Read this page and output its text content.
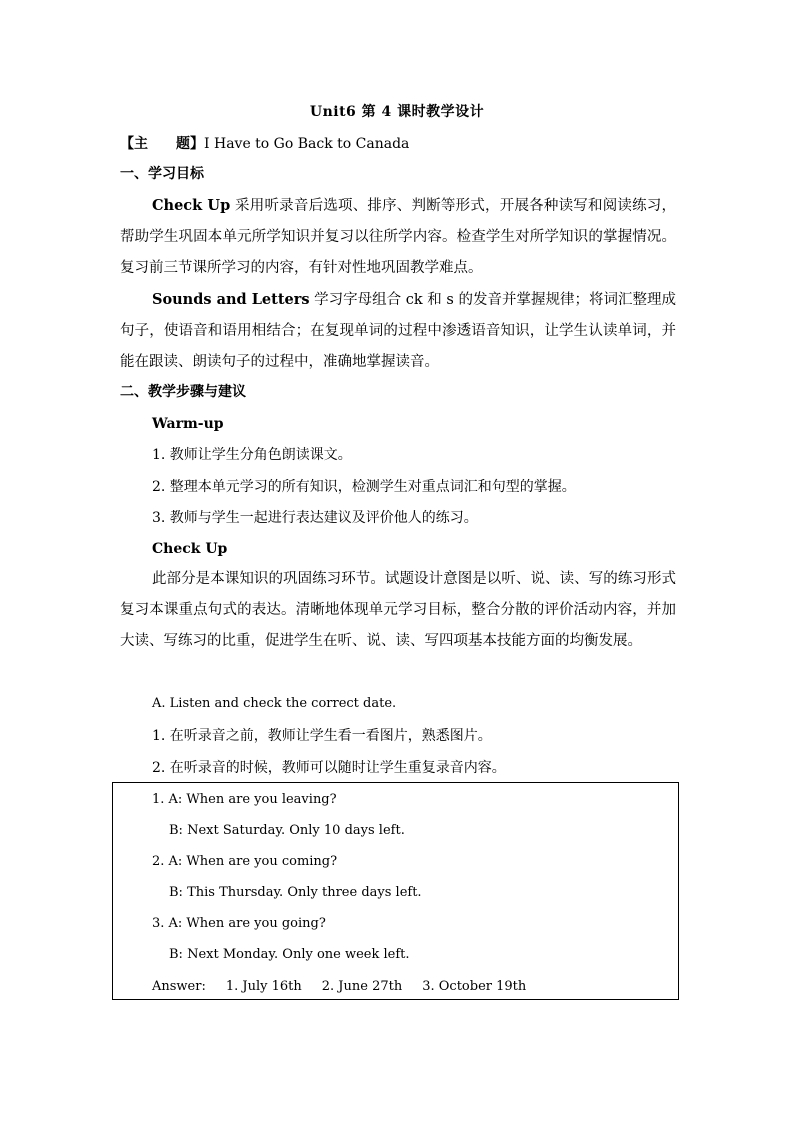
Unit6 第 4 课时教学设计
【主　　题】I Have to Go Back to Canada
一、学习目标
Check Up 采用听录音后选项、排序、判断等形式，开展各种读写和阅读练习，帮助学生巩固本单元所学知识并复习以往所学内容。检查学生对所学知识的掌握情况。复习前三节课所学习的内容，有针对性地巩固教学难点。
Sounds and Letters 学习字母组合 ck 和 s 的发音并掌握规律；将词汇整理成句子，使语音和语用相结合；在复现单词的过程中渗透语音知识，让学生认读单词，并能在跟读、朗读句子的过程中，准确地掌握读音。
二、教学步骤与建议
Warm-up
1. 教师让学生分角色朗读课文。
2. 整理本单元学习的所有知识，检测学生对重点词汇和句型的掌握。
3. 教师与学生一起进行表达建议及评价他人的练习。
Check Up
此部分是本课知识的巩固练习环节。试题设计意图是以听、说、读、写的练习形式复习本课重点句式的表达。清晰地体现单元学习目标，整合分散的评价活动内容，并加大读、写练习的比重，促进学生在听、说、读、写四项基本技能方面的均衡发展。
A. Listen and check the correct date.
1. 在听录音之前，教师让学生看一看图片，熟悉图片。
2. 在听录音的时候，教师可以随时让学生重复录音内容。
1. A: When are you leaving?
B: Next Saturday. Only 10 days left.
2. A: When are you coming?
B: This Thursday. Only three days left.
3. A: When are you going?
B: Next Monday. Only one week left.
Answer: 1. July 16th 2. June 27th 3. October 19th
